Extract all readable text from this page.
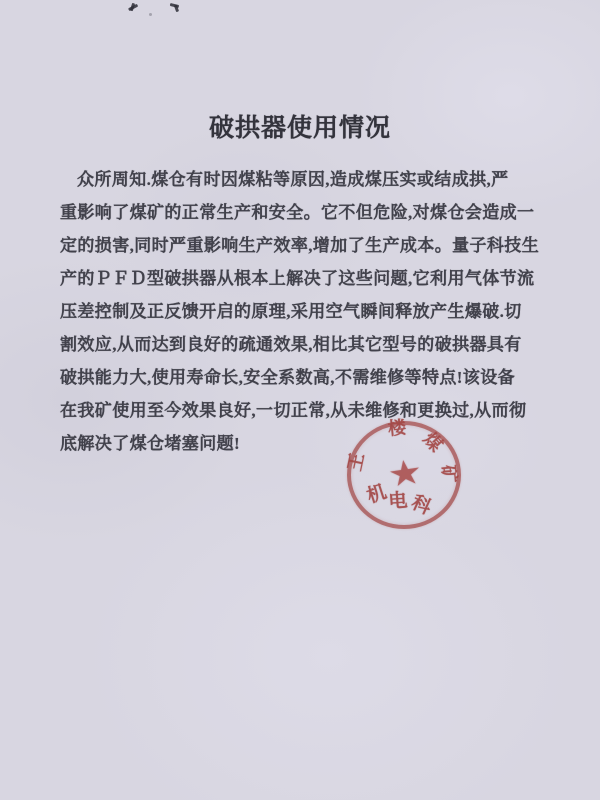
破拱器使用情况
众所周知.煤仓有时因煤粘等原因,造成煤压实或结成拱,严
重影响了煤矿的正常生产和安全。它不但危险,对煤仓会造成一
定的损害,同时严重影响生产效率,增加了生产成本。量子科技生
产的ＰＦＤ型破拱器从根本上解决了这些问题,它利用气体节流
压差控制及正反馈开启的原理,采用空气瞬间释放产生爆破.切
割效应,从而达到良好的疏通效果,相比其它型号的破拱器具有
破拱能力大,使用寿命长,安全系数高,不需维修等特点!该设备
在我矿使用至今效果良好,一切正常,从未维修和更换过,从而彻
底解决了煤仓堵塞问题!
★
王
楼
煤
矿
机
电 科
